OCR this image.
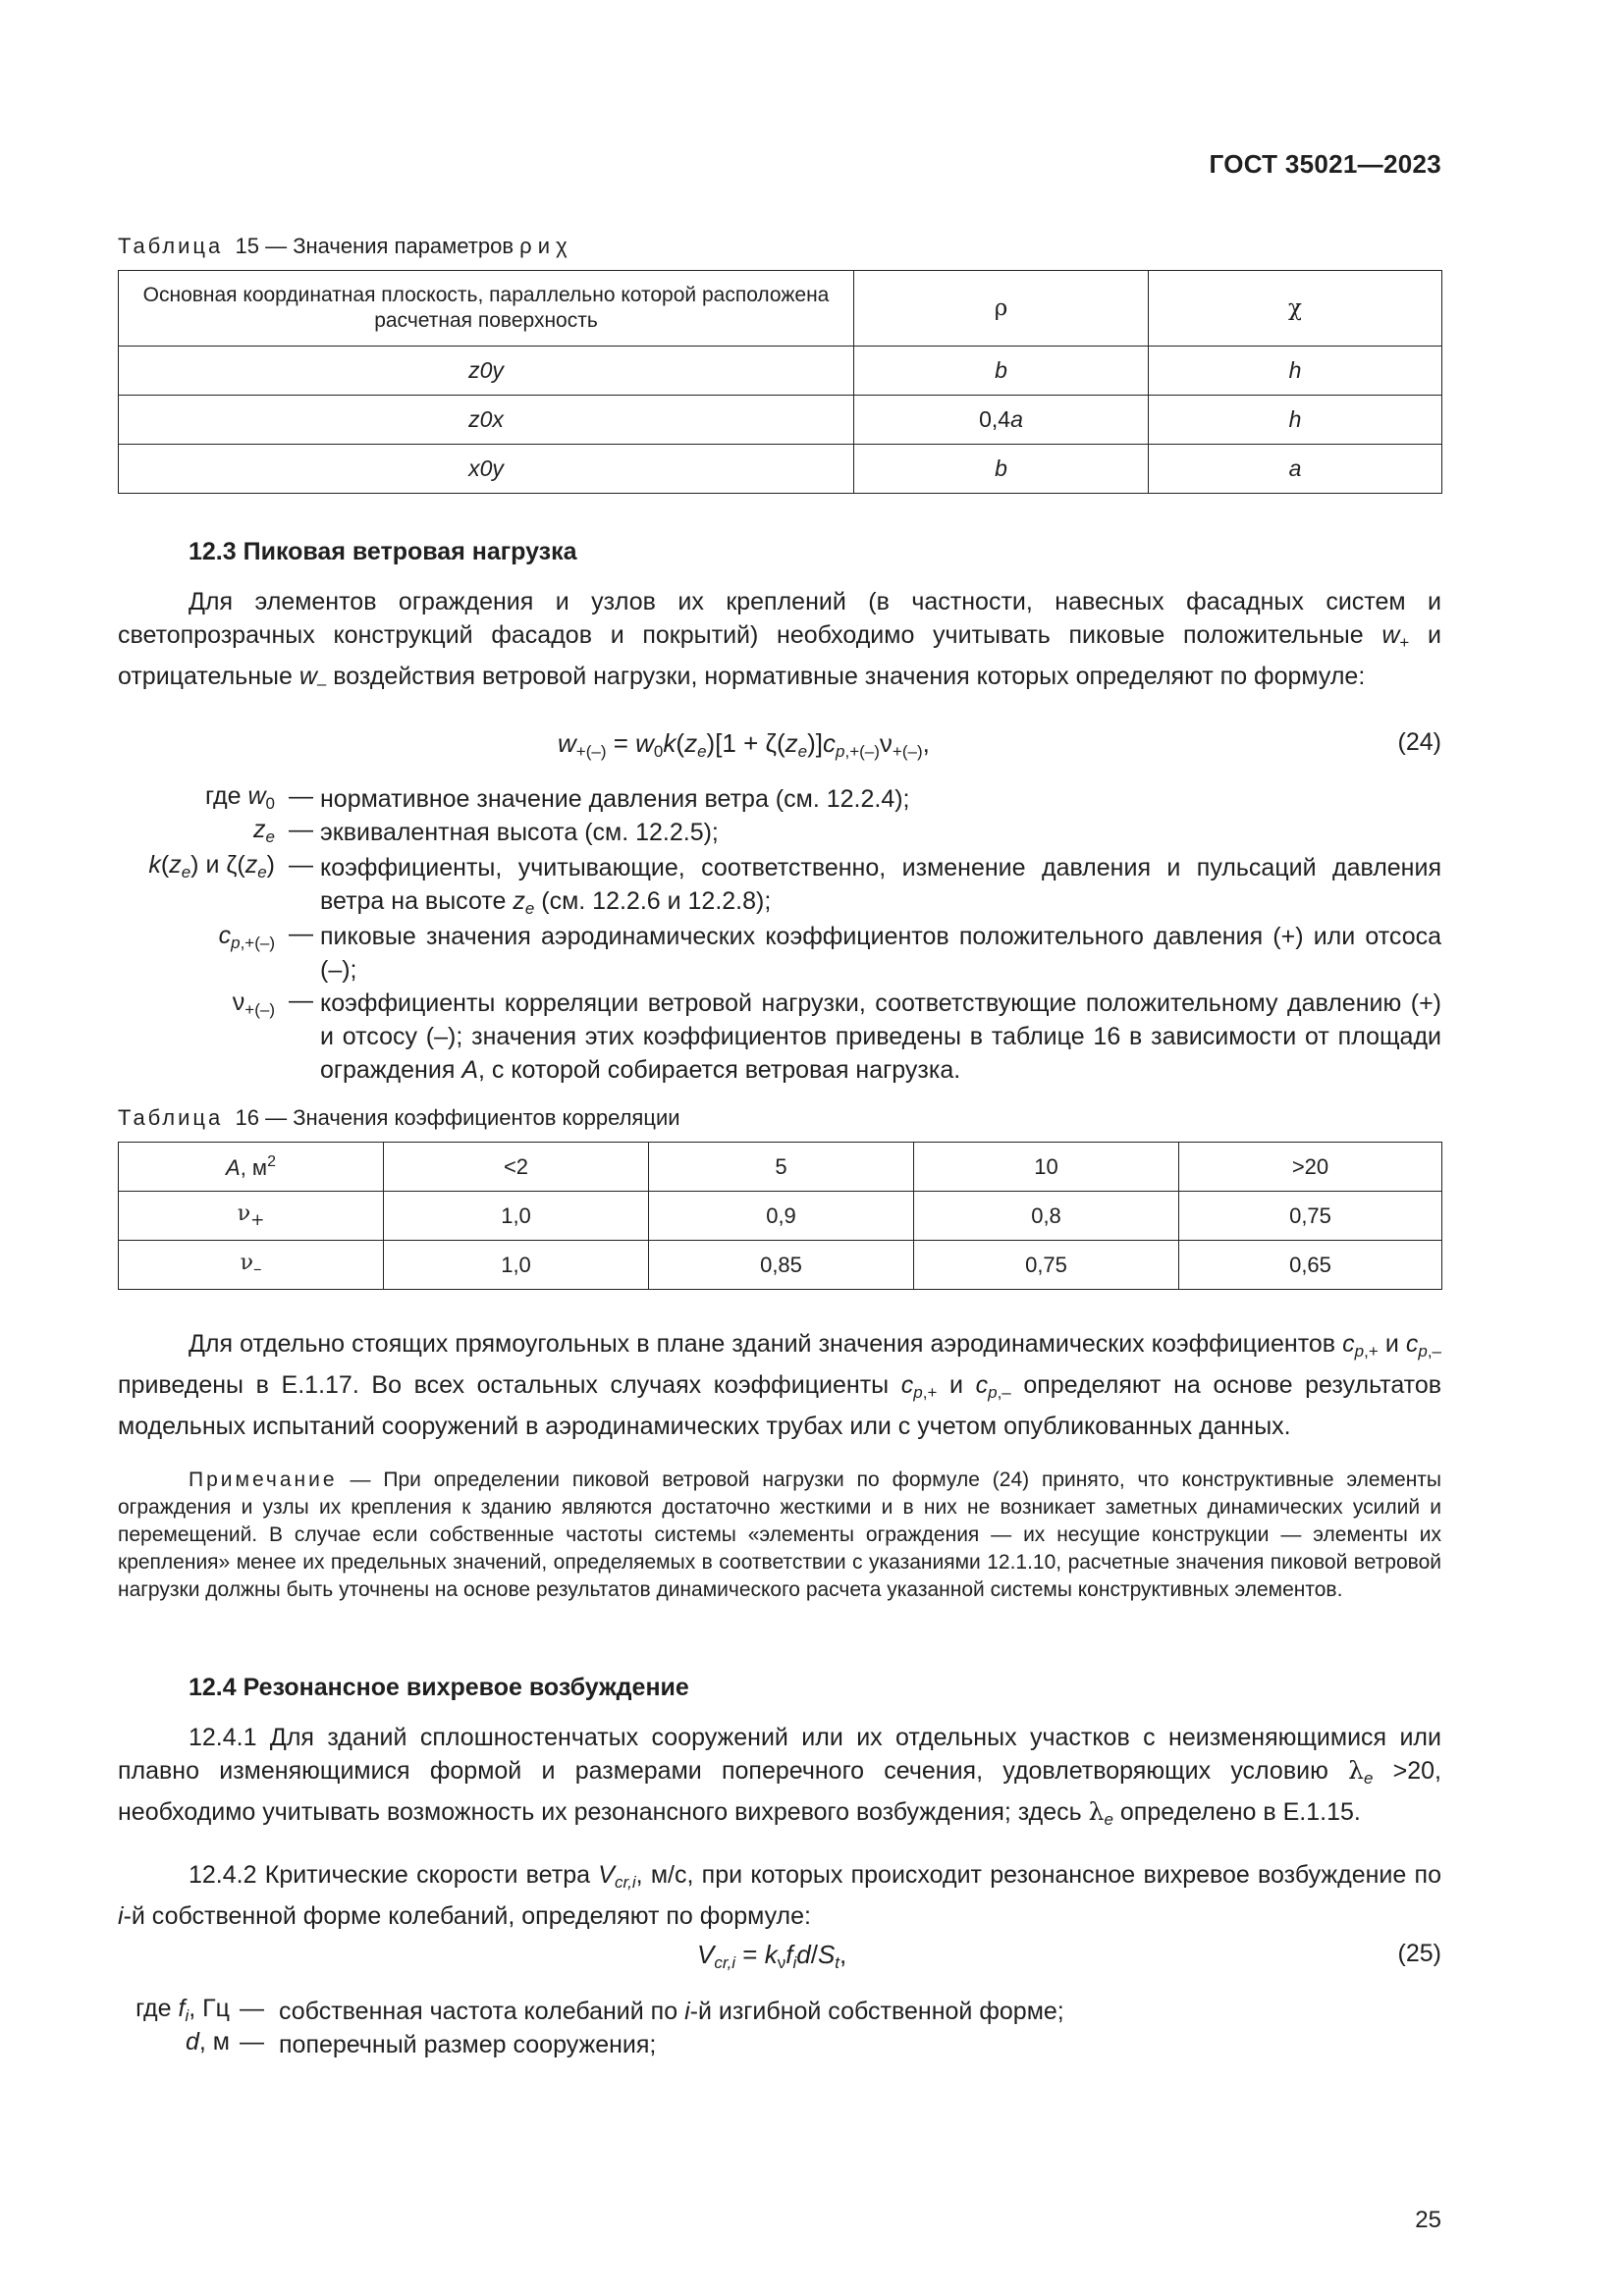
ГОСТ 35021—2023
Таблица 15 — Значения параметров ρ и χ
Основная координатная плоскость, параллельно которой расположена расчетная поверхность	ρ	χ
z0y	b	h
z0x	0,4a	h
x0y	b	a
12.3 Пиковая ветровая нагрузка
Для элементов ограждения и узлов их креплений (в частности, навесных фасадных систем и светопрозрачных конструкций фасадов и покрытий) необходимо учитывать пиковые положительные $w_+$ и отрицательные $w_-$ воздействия ветровой нагрузки, нормативные значения которых определяют по формуле:
$w_{+(-)} = w_0k(z_e)[1 + \zeta(z_e)]c_{p,+(-)}\nu_{+(-)}$,	(24)
где $w_0$ — нормативное значение давления ветра (см. 12.2.4);
$z_e$ — эквивалентная высота (см. 12.2.5);
$k(z_e)$ и $\zeta(z_e)$ — коэффициенты, учитывающие, соответственно, изменение давления и пульсаций давления ветра на высоте $z_e$ (см. 12.2.6 и 12.2.8);
$c_{p,+(-)}$ — пиковые значения аэродинамических коэффициентов положительного давления (+) или отсоса (–);
$\nu_{+(-)}$ — коэффициенты корреляции ветровой нагрузки, соответствующие положительному давлению (+) и отсосу (–); значения этих коэффициентов приведены в таблице 16 в зависимости от площади ограждения A, с которой собирается ветровая нагрузка.
Таблица 16 — Значения коэффициентов корреляции
A, $м^2$	<2	5	10	>20
$\nu_+$	1,0	0,9	0,8	0,75
$\nu_-$	1,0	0,85	0,75	0,65
Для отдельно стоящих прямоугольных в плане зданий значения аэродинамических коэффициентов $c_{p,+}$ и $c_{p,-}$ приведены в Е.1.17. Во всех остальных случаях коэффициенты $c_{p,+}$ и $c_{p,-}$ определяют на основе результатов модельных испытаний сооружений в аэродинамических трубах или с учетом опубликованных данных.
Примечание — При определении пиковой ветровой нагрузки по формуле (24) принято, что конструктивные элементы ограждения и узлы их крепления к зданию являются достаточно жесткими и в них не возникает заметных динамических усилий и перемещений. В случае если собственные частоты системы «элементы ограждения — их несущие конструкции — элементы их крепления» менее их предельных значений, определяемых в соответствии с указаниями 12.1.10, расчетные значения пиковой ветровой нагрузки должны быть уточнены на основе результатов динамического расчета указанной системы конструктивных элементов.
12.4 Резонансное вихревое возбуждение
12.4.1 Для зданий сплошностенчатых сооружений или их отдельных участков с неизменяющимися или плавно изменяющимися формой и размерами поперечного сечения, удовлетворяющих условию $\lambda_e >20$, необходимо учитывать возможность их резонансного вихревого возбуждения; здесь $\lambda_e$ определено в Е.1.15.
12.4.2 Критические скорости ветра $V_{cr,i}$, м/с, при которых происходит резонансное вихревое возбуждение по i-й собственной форме колебаний, определяют по формуле:
$V_{cr,i} = k_\nu f_id/S_t$,	(25)
где $f_i$, Гц — собственная частота колебаний по i-й изгибной собственной форме;
d, м — поперечный размер сооружения;
25
